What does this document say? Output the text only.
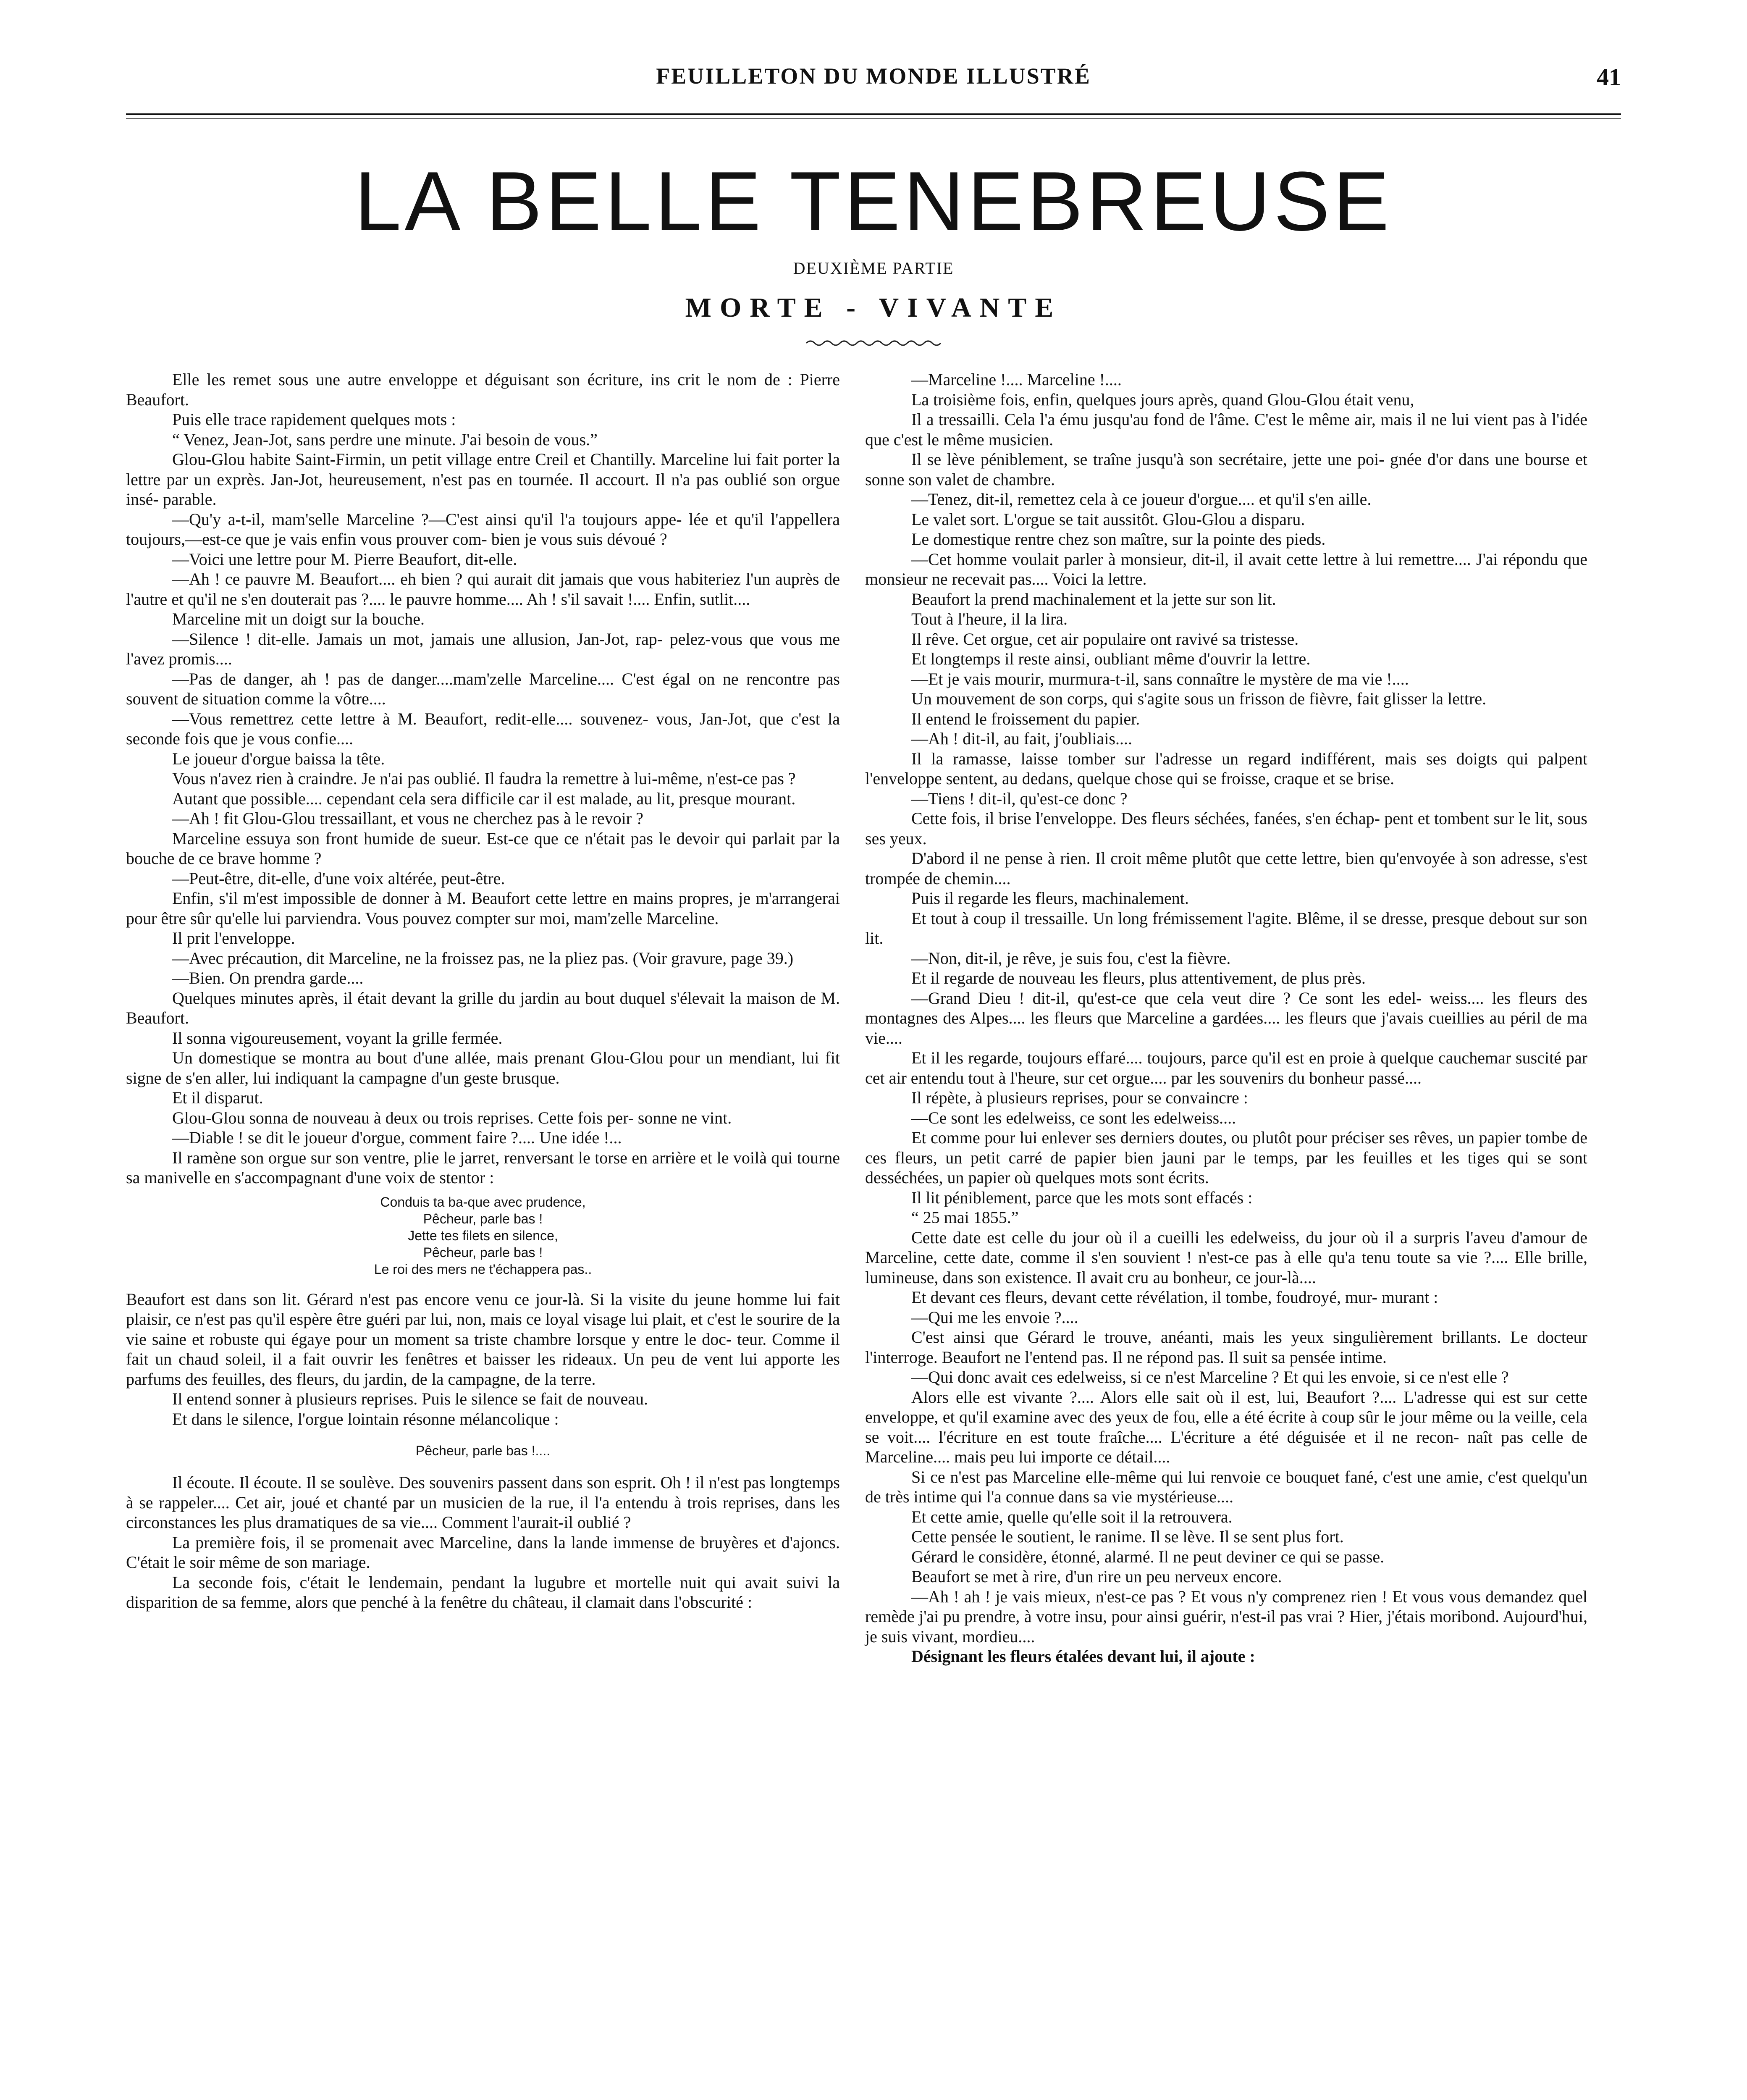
FEUILLETON DU MONDE ILLUSTRÉ	41
LA BELLE TENEBREUSE
DEUXIÈME PARTIE
MORTE - VIVANTE

Elle les remet sous une autre enveloppe et déguisant son écriture, ins crit le nom de : Pierre Beaufort.

Puis elle trace rapidement quelques mots :

“ Venez, Jean-Jot, sans perdre une minute. J'ai besoin de vous.”

Glou-Glou habite Saint-Firmin, un petit village entre Creil et Chantilly. Marceline lui fait porter la lettre par un exprès. Jan-Jot, heureusement, n'est pas en tournée. Il accourt. Il n'a pas oublié son orgue insé- parable.

—Qu'y a-t-il, mam'selle Marceline ?—C'est ainsi qu'il l'a toujours appe- lée et qu'il l'appellera toujours,—est-ce que je vais enfin vous prouver com- bien je vous suis dévoué ?

—Voici une lettre pour M. Pierre Beaufort, dit-elle.

—Ah ! ce pauvre M. Beaufort.... eh bien ? qui aurait dit jamais que vous habiteriez l'un auprès de l'autre et qu'il ne s'en douterait pas ?.... le pauvre homme.... Ah ! s'il savait !.... Enfin, sutlit....

Marceline mit un doigt sur la bouche.

—Silence ! dit-elle. Jamais un mot, jamais une allusion, Jan-Jot, rap- pelez-vous que vous me l'avez promis....

—Pas de danger, ah ! pas de danger....mam'zelle Marceline.... C'est égal on ne rencontre pas souvent de situation comme la vôtre....

—Vous remettrez cette lettre à M. Beaufort, redit-elle.... souvenez- vous, Jan-Jot, que c'est la seconde fois que je vous confie....

Le joueur d'orgue baissa la tête.

Vous n'avez rien à craindre. Je n'ai pas oublié. Il faudra la remettre à lui-même, n'est-ce pas ?

Autant que possible.... cependant cela sera difficile car il est malade, au lit, presque mourant.

—Ah ! fit Glou-Glou tressaillant, et vous ne cherchez pas à le revoir ?

Marceline essuya son front humide de sueur. Est-ce que ce n'était pas le devoir qui parlait par la bouche de ce brave homme ?

—Peut-être, dit-elle, d'une voix altérée, peut-être.

Enfin, s'il m'est impossible de donner à M. Beaufort cette lettre en mains propres, je m'arrangerai pour être sûr qu'elle lui parviendra. Vous pouvez compter sur moi, mam'zelle Marceline.

Il prit l'enveloppe.

—Avec précaution, dit Marceline, ne la froissez pas, ne la pliez pas. (Voir gravure, page 39.)

—Bien. On prendra garde....

Quelques minutes après, il était devant la grille du jardin au bout duquel s'élevait la maison de M. Beaufort.

Il sonna vigoureusement, voyant la grille fermée.

Un domestique se montra au bout d'une allée, mais prenant Glou-Glou pour un mendiant, lui fit signe de s'en aller, lui indiquant la campagne d'un geste brusque.

Et il disparut.

Glou-Glou sonna de nouveau à deux ou trois reprises. Cette fois per- sonne ne vint.

—Diable ! se dit le joueur d'orgue, comment faire ?.... Une idée !...

Il ramène son orgue sur son ventre, plie le jarret, renversant le torse en arrière et le voilà qui tourne sa manivelle en s'accompagnant d'une voix de stentor :

Conduis ta ba-que avec prudence,
Pêcheur, parle bas !
Jette tes filets en silence,
Pêcheur, parle bas !
Le roi des mers ne t'échappera pas..

Beaufort est dans son lit. Gérard n'est pas encore venu ce jour-là. Si la visite du jeune homme lui fait plaisir, ce n'est pas qu'il espère être guéri par lui, non, mais ce loyal visage lui plait, et c'est le sourire de la vie saine et robuste qui égaye pour un moment sa triste chambre lorsque y entre le doc- teur. Comme il fait un chaud soleil, il a fait ouvrir les fenêtres et baisser les rideaux. Un peu de vent lui apporte les parfums des feuilles, des fleurs, du jardin, de la campagne, de la terre.

Il entend sonner à plusieurs reprises. Puis le silence se fait de nouveau.

Et dans le silence, l'orgue lointain résonne mélancolique :

Pêcheur, parle bas !....

Il écoute. Il écoute. Il se soulève. Des souvenirs passent dans son esprit. Oh ! il n'est pas longtemps à se rappeler.... Cet air, joué et chanté par un musicien de la rue, il l'a entendu à trois reprises, dans les circonstances les plus dramatiques de sa vie.... Comment l'aurait-il oublié ?

La première fois, il se promenait avec Marceline, dans la lande immense de bruyères et d'ajoncs. C'était le soir même de son mariage.

La seconde fois, c'était le lendemain, pendant la lugubre et mortelle nuit qui avait suivi la disparition de sa femme, alors que penché à la fenêtre du château, il clamait dans l'obscurité :

—Marceline !.... Marceline !....

La troisième fois, enfin, quelques jours après, quand Glou-Glou était venu,

Il a tressailli. Cela l'a ému jusqu'au fond de l'âme. C'est le même air, mais il ne lui vient pas à l'idée que c'est le même musicien.

Il se lève péniblement, se traîne jusqu'à son secrétaire, jette une poi- gnée d'or dans une bourse et sonne son valet de chambre.

—Tenez, dit-il, remettez cela à ce joueur d'orgue.... et qu'il s'en aille.

Le valet sort. L'orgue se tait aussitôt. Glou-Glou a disparu.

Le domestique rentre chez son maître, sur la pointe des pieds.

—Cet homme voulait parler à monsieur, dit-il, il avait cette lettre à lui remettre.... J'ai répondu que monsieur ne recevait pas.... Voici la lettre.

Beaufort la prend machinalement et la jette sur son lit.

Tout à l'heure, il la lira.

Il rêve. Cet orgue, cet air populaire ont ravivé sa tristesse.

Et longtemps il reste ainsi, oubliant même d'ouvrir la lettre.

—Et je vais mourir, murmura-t-il, sans connaître le mystère de ma vie !....

Un mouvement de son corps, qui s'agite sous un frisson de fièvre, fait glisser la lettre.

Il entend le froissement du papier.

—Ah ! dit-il, au fait, j'oubliais....

Il la ramasse, laisse tomber sur l'adresse un regard indifférent, mais ses doigts qui palpent l'enveloppe sentent, au dedans, quelque chose qui se froisse, craque et se brise.

—Tiens ! dit-il, qu'est-ce donc ?

Cette fois, il brise l'enveloppe. Des fleurs séchées, fanées, s'en échap- pent et tombent sur le lit, sous ses yeux.

D'abord il ne pense à rien. Il croit même plutôt que cette lettre, bien qu'envoyée à son adresse, s'est trompée de chemin....

Puis il regarde les fleurs, machinalement.

Et tout à coup il tressaille. Un long frémissement l'agite. Blême, il se dresse, presque debout sur son lit.

—Non, dit-il, je rêve, je suis fou, c'est la fièvre.

Et il regarde de nouveau les fleurs, plus attentivement, de plus près.

—Grand Dieu ! dit-il, qu'est-ce que cela veut dire ? Ce sont les edel- weiss.... les fleurs des montagnes des Alpes.... les fleurs que Marceline a gardées.... les fleurs que j'avais cueillies au péril de ma vie....

Et il les regarde, toujours effaré.... toujours, parce qu'il est en proie à quelque cauchemar suscité par cet air entendu tout à l'heure, sur cet orgue.... par les souvenirs du bonheur passé....

Il répète, à plusieurs reprises, pour se convaincre :

—Ce sont les edelweiss, ce sont les edelweiss....

Et comme pour lui enlever ses derniers doutes, ou plutôt pour préciser ses rêves, un papier tombe de ces fleurs, un petit carré de papier bien jauni par le temps, par les feuilles et les tiges qui se sont desséchées, un papier où quelques mots sont écrits.

Il lit péniblement, parce que les mots sont effacés :

“ 25 mai 1855.”

Cette date est celle du jour où il a cueilli les edelweiss, du jour où il a surpris l'aveu d'amour de Marceline, cette date, comme il s'en souvient ! n'est-ce pas à elle qu'a tenu toute sa vie ?.... Elle brille, lumineuse, dans son existence. Il avait cru au bonheur, ce jour-là....

Et devant ces fleurs, devant cette révélation, il tombe, foudroyé, mur- murant :

—Qui me les envoie ?....

C'est ainsi que Gérard le trouve, anéanti, mais les yeux singulièrement brillants. Le docteur l'interroge. Beaufort ne l'entend pas. Il ne répond pas. Il suit sa pensée intime.

—Qui donc avait ces edelweiss, si ce n'est Marceline ? Et qui les envoie, si ce n'est elle ?

Alors elle est vivante ?.... Alors elle sait où il est, lui, Beaufort ?.... L'adresse qui est sur cette enveloppe, et qu'il examine avec des yeux de fou, elle a été écrite à coup sûr le jour même ou la veille, cela se voit.... l'écriture en est toute fraîche.... L'écriture a été déguisée et il ne recon- naît pas celle de Marceline.... mais peu lui importe ce détail....

Si ce n'est pas Marceline elle-même qui lui renvoie ce bouquet fané, c'est une amie, c'est quelqu'un de très intime qui l'a connue dans sa vie mystérieuse....

Et cette amie, quelle qu'elle soit il la retrouvera.

Cette pensée le soutient, le ranime. Il se lève. Il se sent plus fort.

Gérard le considère, étonné, alarmé. Il ne peut deviner ce qui se passe.

Beaufort se met à rire, d'un rire un peu nerveux encore.

—Ah ! ah ! je vais mieux, n'est-ce pas ? Et vous n'y comprenez rien ! Et vous vous demandez quel remède j'ai pu prendre, à votre insu, pour ainsi guérir, n'est-il pas vrai ? Hier, j'étais moribond. Aujourd'hui, je suis vivant, mordieu....

Désignant les fleurs étalées devant lui, il ajoute :
